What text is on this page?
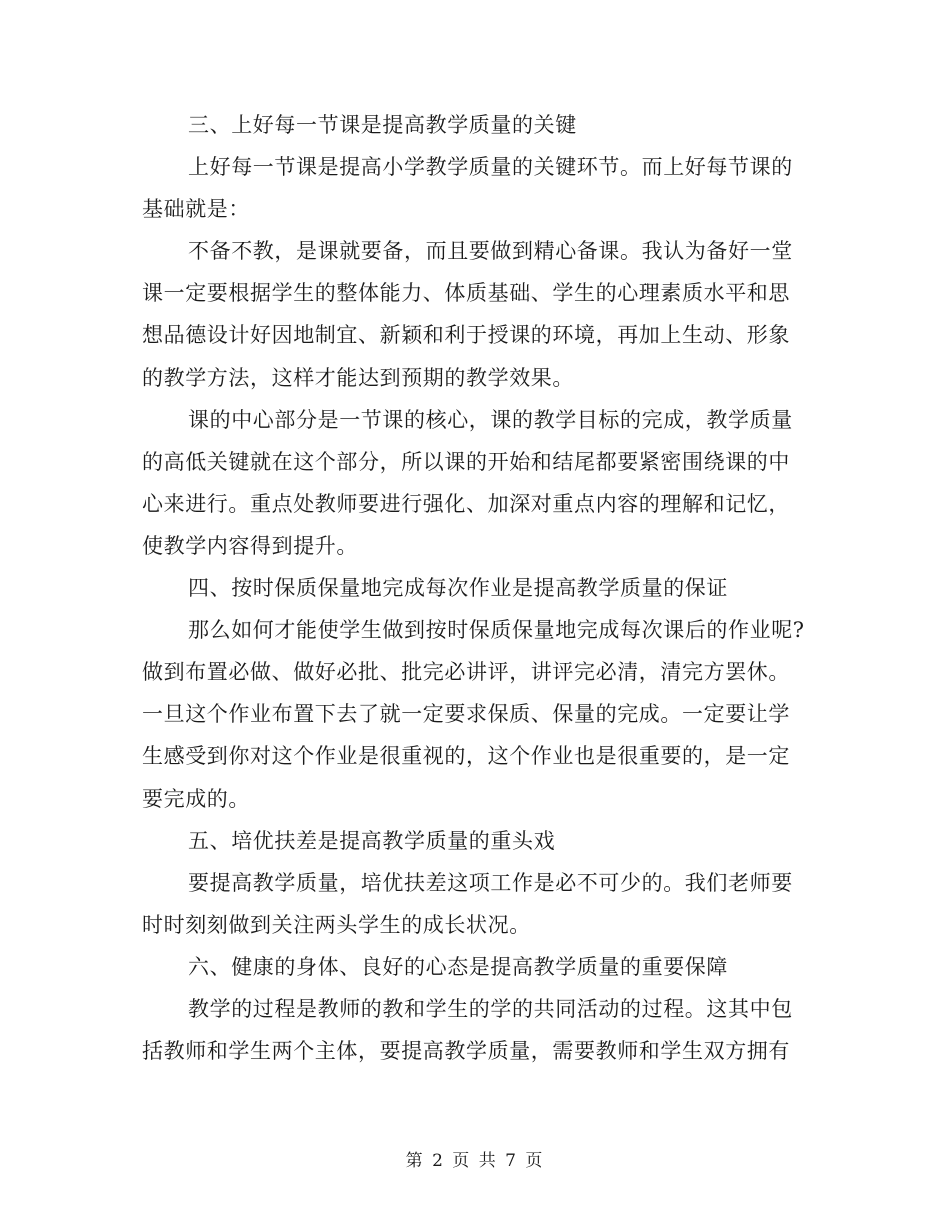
三、上好每一节课是提高教学质量的关键
上好每一节课是提高小学教学质量的关键环节。而上好每节课的
基础就是：
不备不教，是课就要备，而且要做到精心备课。我认为备好一堂
课一定要根据学生的整体能力、体质基础、学生的心理素质水平和思
想品德设计好因地制宜、新颖和利于授课的环境，再加上生动、形象
的教学方法，这样才能达到预期的教学效果。
课的中心部分是一节课的核心，课的教学目标的完成，教学质量
的高低关键就在这个部分，所以课的开始和结尾都要紧密围绕课的中
心来进行。重点处教师要进行强化、加深对重点内容的理解和记忆，
使教学内容得到提升。
四、按时保质保量地完成每次作业是提高教学质量的保证
那么如何才能使学生做到按时保质保量地完成每次课后的作业呢?
做到布置必做、做好必批、批完必讲评，讲评完必清，清完方罢休。
一旦这个作业布置下去了就一定要求保质、保量的完成。一定要让学
生感受到你对这个作业是很重视的，这个作业也是很重要的，是一定
要完成的。
五、培优扶差是提高教学质量的重头戏
要提高教学质量，培优扶差这项工作是必不可少的。我们老师要
时时刻刻做到关注两头学生的成长状况。
六、健康的身体、良好的心态是提高教学质量的重要保障
教学的过程是教师的教和学生的学的共同活动的过程。这其中包
括教师和学生两个主体，要提高教学质量，需要教师和学生双方拥有
第 2 页 共 7 页
